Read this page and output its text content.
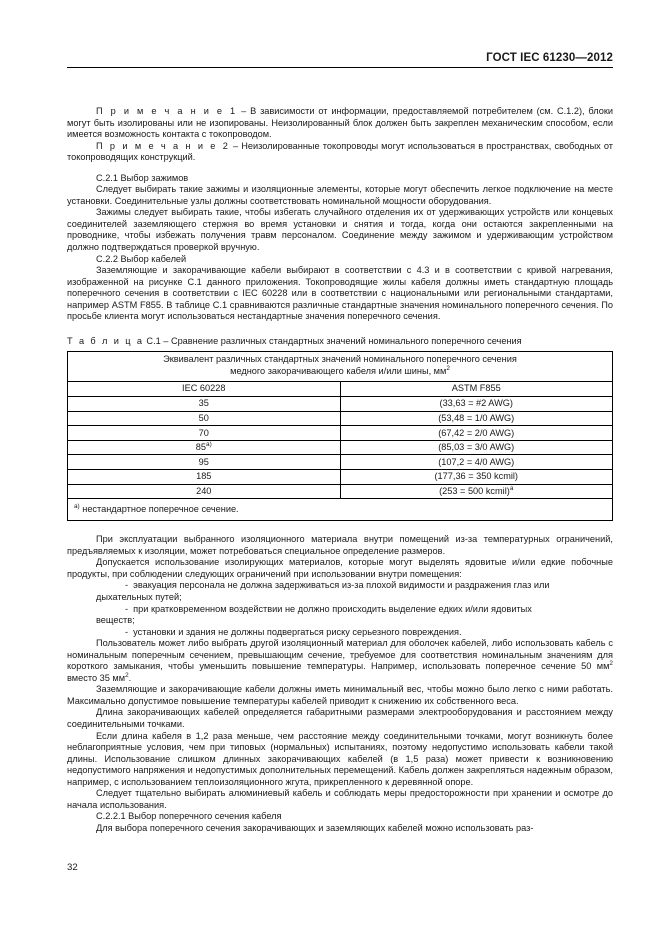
ГОСТ IEC 61230—2012

П р и м е ч а н и е 1 – В зависимости от информации, предоставляемой потребителем (см. С.1.2), блоки могут быть изолированы или не изопированы. Неизолированный блок должен быть закреплен механическим способом, если имеется возможность контакта с токопроводом.

П р и м е ч а н и е 2 – Неизолированные токопроводы могут использоваться в пространствах, свободных от токопроводящих конструкций.

С.2.1 Выбор зажимов

Следует выбирать такие зажимы и изоляционные элементы, которые могут обеспечить легкое подключение на месте установки. Соединительные узлы должны соответствовать номинальной мощности оборудования.

Зажимы следует выбирать такие, чтобы избегать случайного отделения их от удерживающих устройств или концевых соединителей заземляющего стержня во время установки и снятия и тогда, когда они остаются закрепленными на проводнике, чтобы избежать получения травм персоналом. Соединение между зажимом и удерживающим устройством должно подтверждаться проверкой вручную.

С.2.2 Выбор кабелей

Заземляющие и закорачивающие кабели выбирают в соответствии с 4.3 и в соответствии с кривой нагревания, изображенной на рисунке С.1 данного приложения. Токопроводящие жилы кабеля должны иметь стандартную площадь поперечного сечения в соответствии с IEC 60228 или в соответствии с национальными или региональными стандартами, например ASTM F855. В таблице С.1 сравниваются различные стандартные значения номинального поперечного сечения. По просьбе клиента могут использоваться нестандартные значения поперечного сечения.

Т а б л и ц а С.1 – Сравнение различных стандартных значений номинального поперечного сечения

Эквивалент различных стандартных значений номинального поперечного сечения
медного закорачивающего кабеля и/или шины, $мм^2$
IEC 60228	ASTM F855
35	(33,63 = #2 AWG)
50	(53,48 = 1/0 AWG)
70	(67,42 = 2/0 AWG)
85$^{a)}$	(85,03 = 3/0 AWG)
95	(107,2 = 4/0 AWG)
185	(177,36 = 350 kcmil)
240	(253 = 500 kcmil)$^a$
$^{a)}$ нестандартное поперечное сечение.	

При эксплуатации выбранного изоляционного материала внутри помещений из-за температурных ограничений, предъявляемых к изоляции, может потребоваться специальное определение размеров.

Допускается использование изолирующих материалов, которые могут выделять ядовитые и/или едкие побочные продукты, при соблюдении следующих ограничений при использовании внутри помещения:

- эвакуация персонала не должна задерживаться из-за плохой видимости и раздражения глаз или
дыхательных путей;

- при кратковременном воздействии не должно происходить выделение едких и/или ядовитых
веществ;

- установки и здания не должны подвергаться риску серьезного повреждения.

Пользователь может либо выбрать другой изоляционный материал для оболочек кабелей, либо использовать кабель с номинальным поперечным сечением, превышающим сечение, требуемое для соответствия номинальным значениям для короткого замыкания, чтобы уменьшить повышение температуры. Например, использовать поперечное сечение 50 $мм^2$ вместо 35 $мм^2$.

Заземляющие и закорачивающие кабели должны иметь минимальный вес, чтобы можно было легко с ними работать. Максимально допустимое повышение температуры кабелей приводит к снижению их собственного веса.

Длина закорачивающих кабелей определяется габаритными размерами электрооборудования и расстоянием между соединительными точками.

Если длина кабеля в 1,2 раза меньше, чем расстояние между соединительными точками, могут возникнуть более неблагоприятные условия, чем при типовых (нормальных) испытаниях, поэтому недопустимо использовать кабели такой длины. Использование слишком длинных закорачивающих кабелей (в 1,5 раза) может привести к возникновению недопустимого напряжения и недопустимых дополнительных перемещений. Кабель должен закрепляться надежным образом, например, с использованием теплоизоляционного жгута, прикрепленного к деревянной опоре.

Следует тщательно выбирать алюминиевый кабель и соблюдать меры предосторожности при хранении и осмотре до начала использования.

С.2.2.1 Выбор поперечного сечения кабеля

Для выбора поперечного сечения закорачивающих и заземляющих кабелей можно использовать раз-

32
